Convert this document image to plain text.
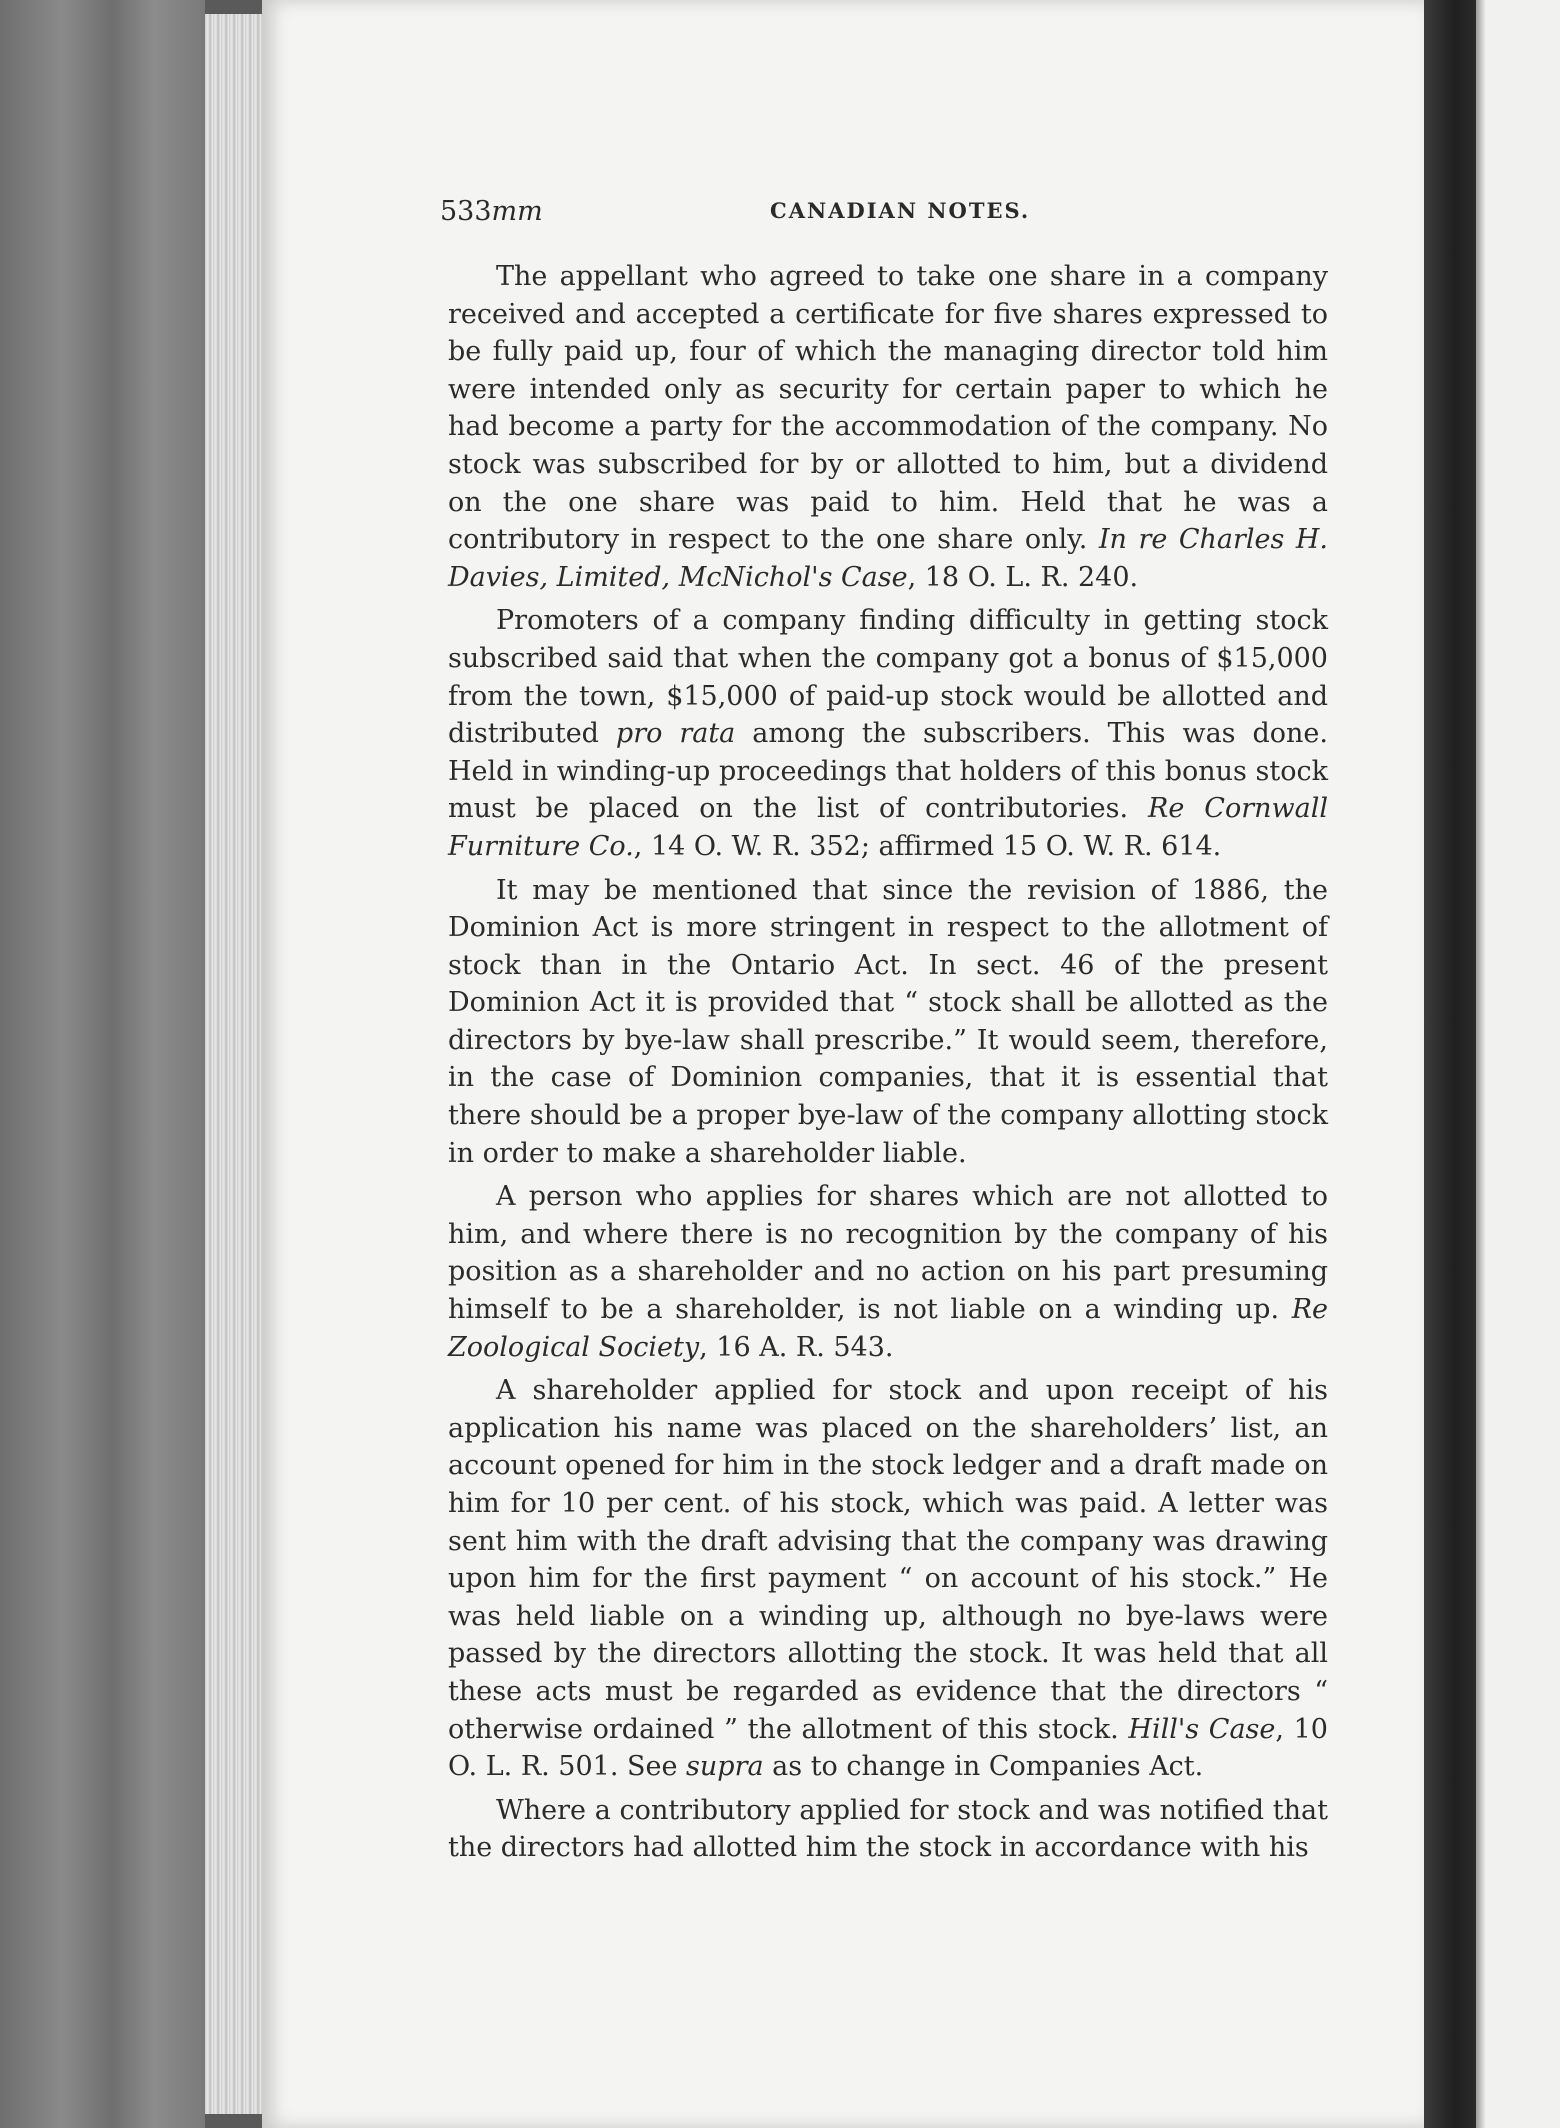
533mm	CANADIAN NOTES.

The appellant who agreed to take one share in a company received and accepted a certificate for five shares expressed to be fully paid up, four of which the managing director told him were intended only as security for certain paper to which he had become a party for the accommodation of the company. No stock was subscribed for by or allotted to him, but a dividend on the one share was paid to him. Held that he was a contributory in respect to the one share only. In re Charles H. Davies, Limited, McNichol's Case, 18 O. L. R. 240.

Promoters of a company finding difficulty in getting stock subscribed said that when the company got a bonus of $15,000 from the town, $15,000 of paid-up stock would be allotted and distributed pro rata among the subscribers. This was done. Held in winding-up proceedings that holders of this bonus stock must be placed on the list of contributories. Re Cornwall Furniture Co., 14 O. W. R. 352; affirmed 15 O. W. R. 614.

It may be mentioned that since the revision of 1886, the Dominion Act is more stringent in respect to the allotment of stock than in the Ontario Act. In sect. 46 of the present Dominion Act it is provided that “ stock shall be allotted as the directors by bye-law shall prescribe.” It would seem, therefore, in the case of Dominion companies, that it is essential that there should be a proper bye-law of the company allotting stock in order to make a shareholder liable.

A person who applies for shares which are not allotted to him, and where there is no recognition by the company of his position as a shareholder and no action on his part presuming himself to be a shareholder, is not liable on a winding up. Re Zoological Society, 16 A. R. 543.

A shareholder applied for stock and upon receipt of his application his name was placed on the shareholders’ list, an account opened for him in the stock ledger and a draft made on him for 10 per cent. of his stock, which was paid. A letter was sent him with the draft advising that the company was drawing upon him for the first payment “ on account of his stock.” He was held liable on a winding up, although no bye-laws were passed by the directors allotting the stock. It was held that all these acts must be regarded as evidence that the directors “ otherwise ordained ” the allotment of this stock. Hill's Case, 10 O. L. R. 501. See supra as to change in Companies Act.

Where a contributory applied for stock and was notified that the directors had allotted him the stock in accordance with his
